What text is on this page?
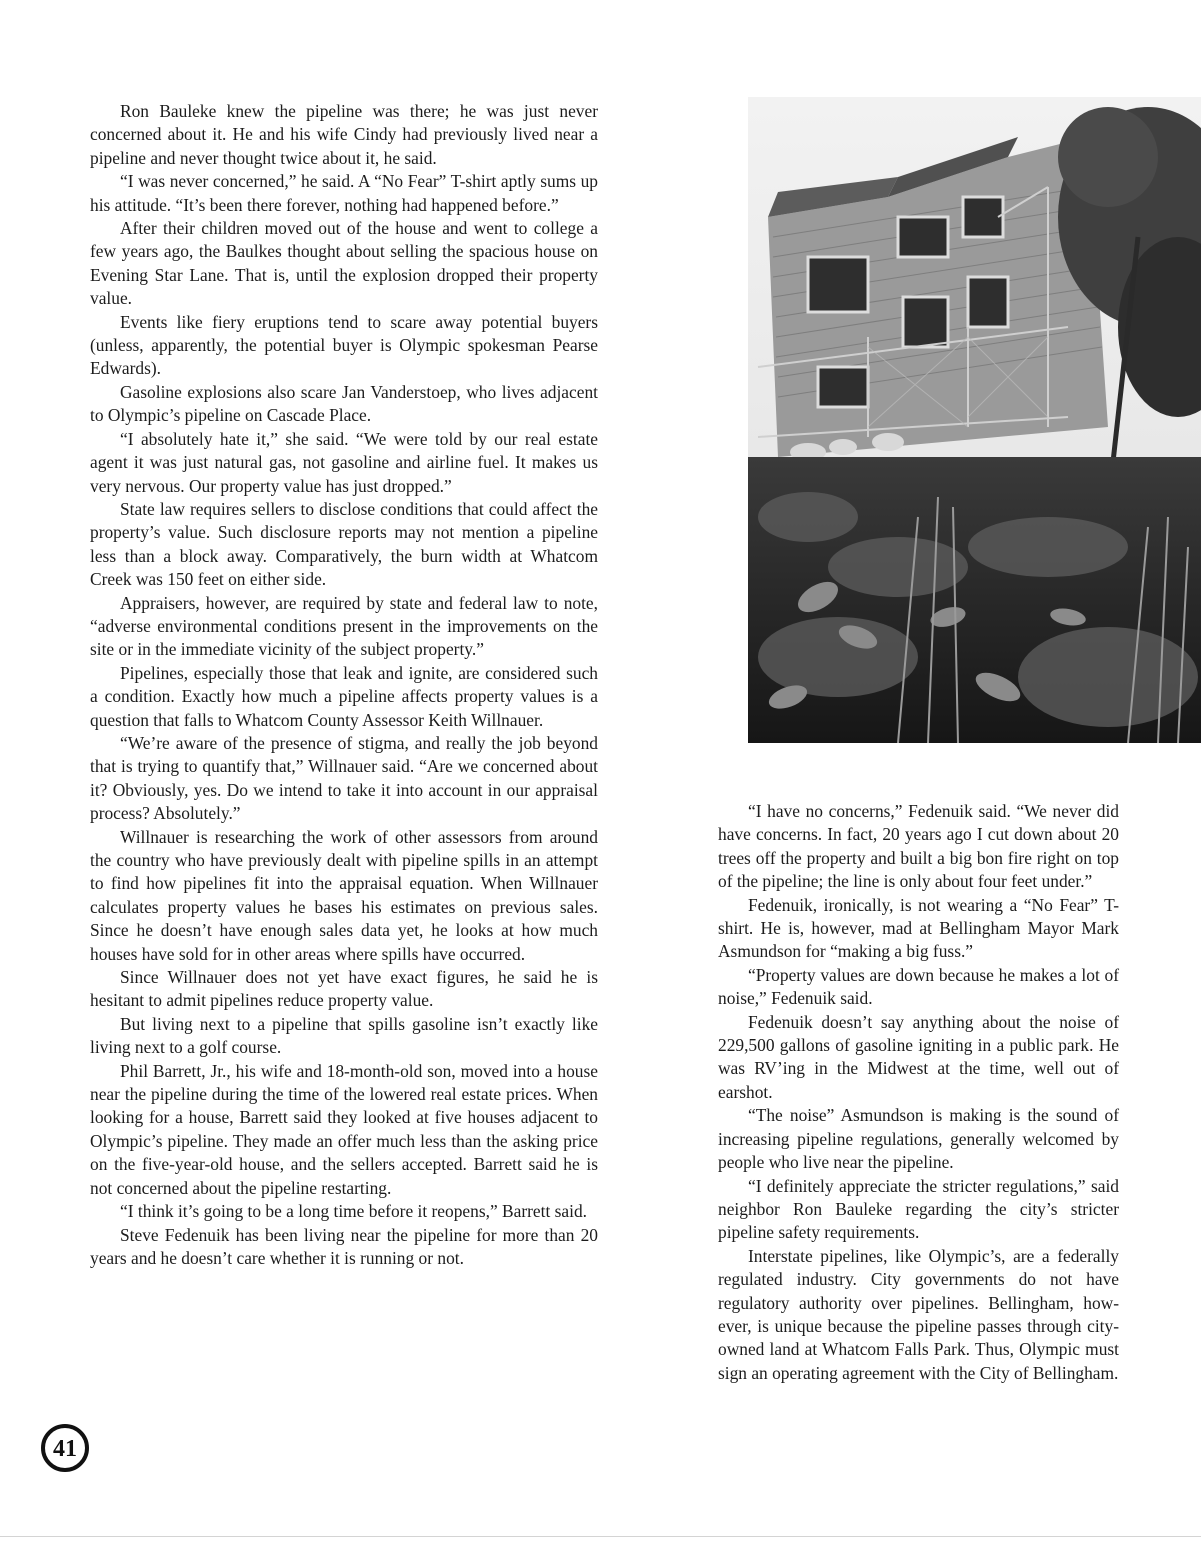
Ron Bauleke knew the pipeline was there; he was just never concerned about it. He and his wife Cindy had previously lived near a pipeline and never thought twice about it, he said.

“I was never concerned,” he said. A “No Fear” T-shirt aptly sums up his attitude. “It’s been there forever, nothing had happened before.”

After their children moved out of the house and went to college a few years ago, the Baulkes thought about selling the spacious house on Evening Star Lane. That is, until the explosion dropped their property value.

Events like fiery eruptions tend to scare away potential buyers (unless, apparently, the potential buyer is Olympic spokesman Pearse Edwards).

Gasoline explosions also scare Jan Vanderstoep, who lives adjacent to Olympic’s pipeline on Cascade Place.

“I absolutely hate it,” she said. “We were told by our real estate agent it was just natural gas, not gasoline and airline fuel. It makes us very nervous. Our property value has just dropped.”

State law requires sellers to disclose conditions that could affect the property’s value. Such disclosure reports may not mention a pipeline less than a block away. Comparatively, the burn width at Whatcom Creek was 150 feet on either side.

Appraisers, however, are required by state and federal law to note, “adverse environmental conditions present in the improvements on the site or in the immediate vicinity of the subject property.”

Pipelines, especially those that leak and ignite, are considered such a condition. Exactly how much a pipeline affects property values is a question that falls to Whatcom County Assessor Keith Willnauer.

“We’re aware of the presence of stigma, and really the job beyond that is trying to quantify that,” Willnauer said. “Are we concerned about it? Obviously, yes. Do we intend to take it into account in our appraisal process? Absolutely.”

Willnauer is researching the work of other assessors from around the country who have previously dealt with pipeline spills in an attempt to find how pipelines fit into the appraisal equation. When Willnauer calculates property values he bases his estimates on previous sales. Since he doesn’t have enough sales data yet, he looks at how much houses have sold for in other areas where spills have occurred.

Since Willnauer does not yet have exact figures, he said he is hesitant to admit pipelines reduce property value.

But living next to a pipeline that spills gasoline isn’t exactly like living next to a golf course.

Phil Barrett, Jr., his wife and 18-month-old son, moved into a house near the pipeline during the time of the lowered real estate prices. When looking for a house, Barrett said they looked at five houses adjacent to Olympic’s pipeline. They made an offer much less than the asking price on the five-year-old house, and the sellers accepted. Barrett said he is not concerned about the pipeline restarting.

“I think it’s going to be a long time before it reopens,” Barrett said.

Steve Fedenuik has been living near the pipeline for more than 20 years and he doesn’t care whether it is running or not.

“I have no concerns,” Fedenuik said. “We never did have concerns. In fact, 20 years ago I cut down about 20 trees off the property and built a big bon fire right on top of the pipeline; the line is only about four feet under.”

Fedenuik, ironically, is not wearing a “No Fear” T-shirt. He is, however, mad at Bellingham Mayor Mark Asmundson for “making a big fuss.”

“Property values are down because he makes a lot of noise,” Fedenuik said.

Fedenuik doesn’t say anything about the noise of 229,500 gallons of gasoline igniting in a public park. He was RV’ing in the Midwest at the time, well out of earshot.

“The noise” Asmundson is making is the sound of increasing pipeline regulations, generally welcomed by people who live near the pipeline.

“I definitely appreciate the stricter regulations,” said neighbor Ron Bauleke regarding the city’s stricter pipeline safety requirements.

Interstate pipelines, like Olympic’s, are a federally regulated industry. City governments do not have regulatory authority over pipelines. Bellingham, however, is unique because the pipeline passes through city-owned land at Whatcom Falls Park. Thus, Olympic must sign an operating agreement with the City of Bellingham.

41
